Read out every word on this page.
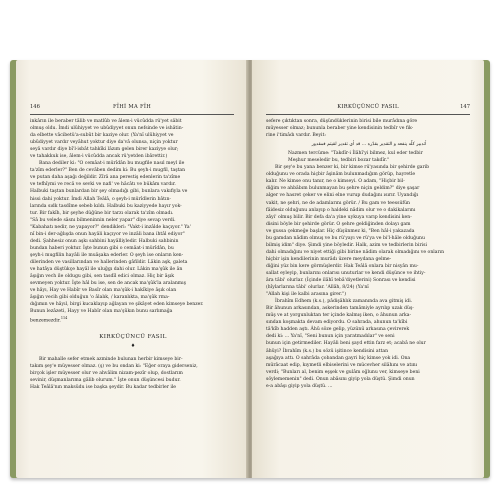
146	FÎHİ MA FÎH

inkârın ile beraber tâlib ve matlûb ve âlem-i vücûdda rü'yet sâbit

olmuş oldu. İmdi ulûhiyyet ve ubûdiyyet onun nefsinde ve ishâtin-

da elbette vâcibetü'a-subût bir kaziye olur. (Ya'nî ulûhiyyet ve

ubûdiyyet vardır veyâhut yoktur diye da'vâ olunsa, niçin yoktur

seyâ vardır diye bî'l-isbât tahkîki lâzım gelen birer kaziyye olur;

ve tahakkuk ise, âlem-i vücûdda ancak rü'yetden ibârettir.)

Bana dediler ki: "O cemâat-i mürîdân bu mugfile nasıl meyl ile

ta'zîm ederler?" Ben de cevâben dedim ki: Bu şeyh-i mugfil, taştan

ve putan daha aşağı değildir. Zîrâ ana perestiş edenlerin ta'zîme

ve tefhîymi ve recâ ve sevki ve nafi' ve hâcâtı ve bükâm vardır.

Halbuki taştan bunlardan bir şey olmadığı gibi, bunlara vakıfiyla ve

hissi dahi yoktur. İmdi Allah Teâlâ, o şeyh-i mürîdlerin bâtın-

larında sıdk tasdîme sebeb kıldı. Halbuki bu kaziyyede hayır yok-

tur. Bir fakîh, bir şeyhe düğüne bir tarzı olarak ta'zîm olmadı.

"Sâ bu velede sâsnı bilmeninnin neler yapar" diye sevap verdi.

"Kabahatı nedir, ne yapayor?" dendikleri: "Vakt-i inzâlde kaçıyor." Ya'

nî bin-i der-ağlışda onun hayâli kaçıyor ve inzâli bana ihtâl ediyor"

dedi. Şahhesiz onun aşkı sahbini hayâlliyledir. Halbuki sahbinin

bundan haberi yoktur. İşte bunun gibi o cemâat-i mürîdân, bu

şeyh-i mugfilin hayâli ile muâşaka ederler. O şeyh ise onların ken-

dilerinden ve vasillarından ve hallerinden gâfildir. Lâkin aşk, galeta

ve hatâya düştükçe hayâl ile uluğgı dahi olur. Lâkin ma'şûk ile ân

âşığın vech ile oldugu gibi, sen tasdîl edici olmaz. Hiç bir âşık

sevmeyen yoktur. İşte hâl bu ise, sen de ancak ma'şûk'la aralanmış

ve hâyı, Hay ve Habîr ve Basîr olan ma'şûk-i hakîkiye âşık olan

âşığın vecih gibi olduğun 'o âlalık, / karanlıkta, ma'şûk rma-

dığımın ve hâyıl, birgi kucaklayıp ağlayan ve şikâyet eden kimseye benzer.

Bunun lezâzeti, Hayy ve Habîr olan ma'şûkın bunu sarlımağa

benzemezdir.$^{114}$

KIRKÜÇÜNCÜ FASIL
♦

Bir mahalle sefer etmek azminde bulunan herbir kimseye bir-

takım şey'e müyesser olmaz. (ş) ve bu ondan ki: "Eğer oraya giderseniz,

birçok işler müyesser olur ve ahvâlim nizam-pezîr olup, dostlarım

sevinir, düşmanlarıma gâlib olurum." İşte onun düşüncesi budur.

Hak Teâlâ'nın maksûdu ise başka şeydir. Bu kadar tedbirler ile

KIRKÜÇÜNCÜ FASIL	147

sefere çıktıktan sonra, düşündüklerinin birisi bile murâdına göre

müyesser olmaz; bununla beraber yine kendisinin tedbîr ve fik-

rine i'timâdı vardır. Beyit:

أتدبير كلّه ينفعه و التقدير بقدّره ... قد أي تقدير لقيتم فمقدور

Nazmen tercüme: "Takdîr-i İlâhî'yi bilmez, kul eder tedbir

Meşhur meseledir bu, tedbiri bozar takdîr."

Bir şey'e bu yana benzer ki, bir kimse rü'yasında bir şehirde garib

olduğunu ve orada hiçbir âşinâm bulunmadığım görüp, hayretle

kalır. Ne kimse onu tanır, ne o kimseyi. O adam, "Hiçbir bil-

diğim ve ahbâbım bulunmayan bu şehre niçin geldim?" diye şaşar

alger ve hasret çeker ve elini elne vurup dudağını ısırır. Uyandığı

vakit, ne şehri, ne de adamlarını görür. / Bu gam ve teessüfün

fâidesiz olduğunu anlayıp o haldeki nâdim olur ve o dakikalarını

zâyi' olmuş bilir. Bir defa da'a yine uykuya varıp kendisini ken-

disini böyle bir şehirde görür. O şehre geldiğinden dolayı gam

ve gussa çekmeğe başlar. Hiç düşünmez ki, "Ben hâl-i yakazada

bu gamdan nâdim olmuş ve bu rü'yayı ve rü'ya ve bi'l-hâle olduğunu

bilmiş idim" diye. Şimdi yine böyledir. Halk, azim ve tedbirlerin birisi

dahi olmadığını ve niyet ettiği gibi birine nâdim olarak olmadığını ve onların

hiçbir işin kendilerinin murâdı üzere meydana gelme-

diğini yüz bin kere görmüşlerdir. Hak Teâlâ onlara bir nisyân mu-

sallat eyleyip, bunlarını onlarısı unuturlar ve kendi düşünce ve ihtiy-

âra tâbi' olurlar. (İçinde ilâhî tebâ'diyetlerini) Sonrası ve kendisi

(hîylarlarına tâbi' olurlar. 'Allâh, 8/24) (Ya'nî

"Allah kişi ile kalbi arasına girer.")

İbrahîm Edhem (k.s.), pâdişâhlık zamanında ava gitmiş idi.

Bir âhunun arkasından, askerinden tamâmiyle ayrılıp uzak düş-

müş ve at yorgunluktan ter içinde kalmış iken, o âhunun arka-

sından koşmakta devam ediyordu. O sahrada, ahunun ta'kîbi

tâ'kîb hadden aştı. Âhû söze gelip, yüzünü arkasına çevirerek

dedi ki: ... Ya'nî, "Seni bunun için yaratmadılar" ve seni

bunun için getirmediler. Hayâli beni şayd ettin farz et; acabâ ne olur

âhûyi? İbrahîm (k.s.) bu sözü işitince kendisini attan

aşağıya attı. O sahrâda çobandan gayri hiç kimse yok idi. Ona

mürâcaat edip, kıymetli elbiselerini ve mücevher silâhını ve atını

verdi; "Bunları al, benim eşşek ve gulâm oğlunu ver, kimseye beni

söylememenin" dedi. Onun abâsını giyip yola düştü. Şimdi onun

e-a abâşı giyip yola düştü. ...
